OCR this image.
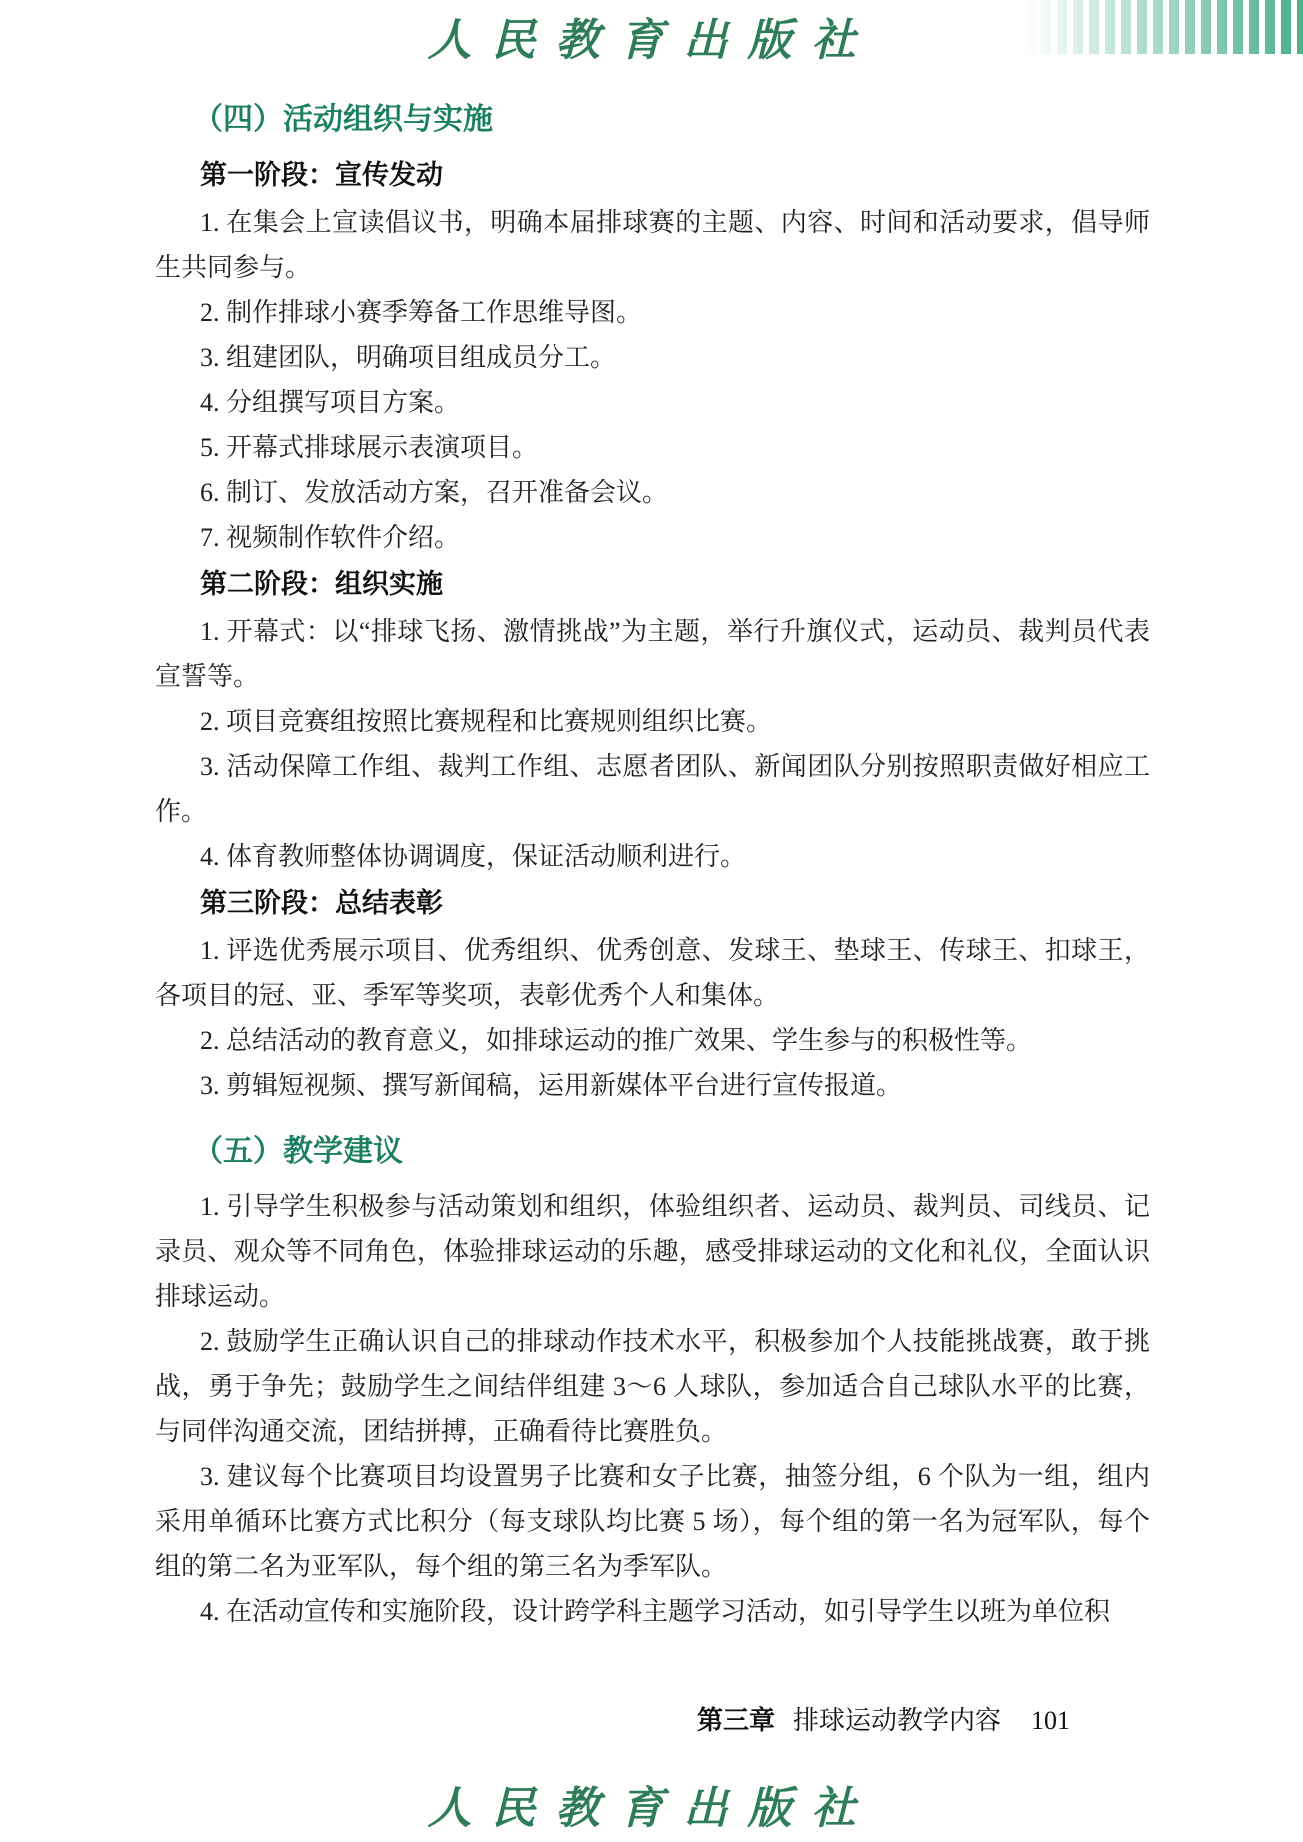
人民教育出版社
（四）活动组织与实施
第一阶段：宣传发动

1. 在集会上宣读倡议书，明确本届排球赛的主题、内容、时间和活动要求，倡导师生共同参与。

2. 制作排球小赛季筹备工作思维导图。

3. 组建团队，明确项目组成员分工。

4. 分组撰写项目方案。

5. 开幕式排球展示表演项目。

6. 制订、发放活动方案，召开准备会议。

7. 视频制作软件介绍。

第二阶段：组织实施

1. 开幕式：以“排球飞扬、激情挑战”为主题，举行升旗仪式，运动员、裁判员代表宣誓等。

2. 项目竞赛组按照比赛规程和比赛规则组织比赛。

3. 活动保障工作组、裁判工作组、志愿者团队、新闻团队分别按照职责做好相应工作。

4. 体育教师整体协调调度，保证活动顺利进行。

第三阶段：总结表彰

1. 评选优秀展示项目、优秀组织、优秀创意、发球王、垫球王、传球王、扣球王，各项目的冠、亚、季军等奖项，表彰优秀个人和集体。

2. 总结活动的教育意义，如排球运动的推广效果、学生参与的积极性等。

3. 剪辑短视频、撰写新闻稿，运用新媒体平台进行宣传报道。

（五）教学建议

1. 引导学生积极参与活动策划和组织，体验组织者、运动员、裁判员、司线员、记录员、观众等不同角色，体验排球运动的乐趣，感受排球运动的文化和礼仪，全面认识排球运动。

2. 鼓励学生正确认识自己的排球动作技术水平，积极参加个人技能挑战赛，敢于挑战，勇于争先；鼓励学生之间结伴组建 3～6 人球队，参加适合自己球队水平的比赛，与同伴沟通交流，团结拼搏，正确看待比赛胜负。

3. 建议每个比赛项目均设置男子比赛和女子比赛，抽签分组，6 个队为一组，组内采用单循环比赛方式比积分（每支球队均比赛 5 场），每个组的第一名为冠军队，每个组的第二名为亚军队，每个组的第三名为季军队。

4. 在活动宣传和实施阶段，设计跨学科主题学习活动，如引导学生以班为单位积

第三章 排球运动教学内容 101
人民教育出版社
